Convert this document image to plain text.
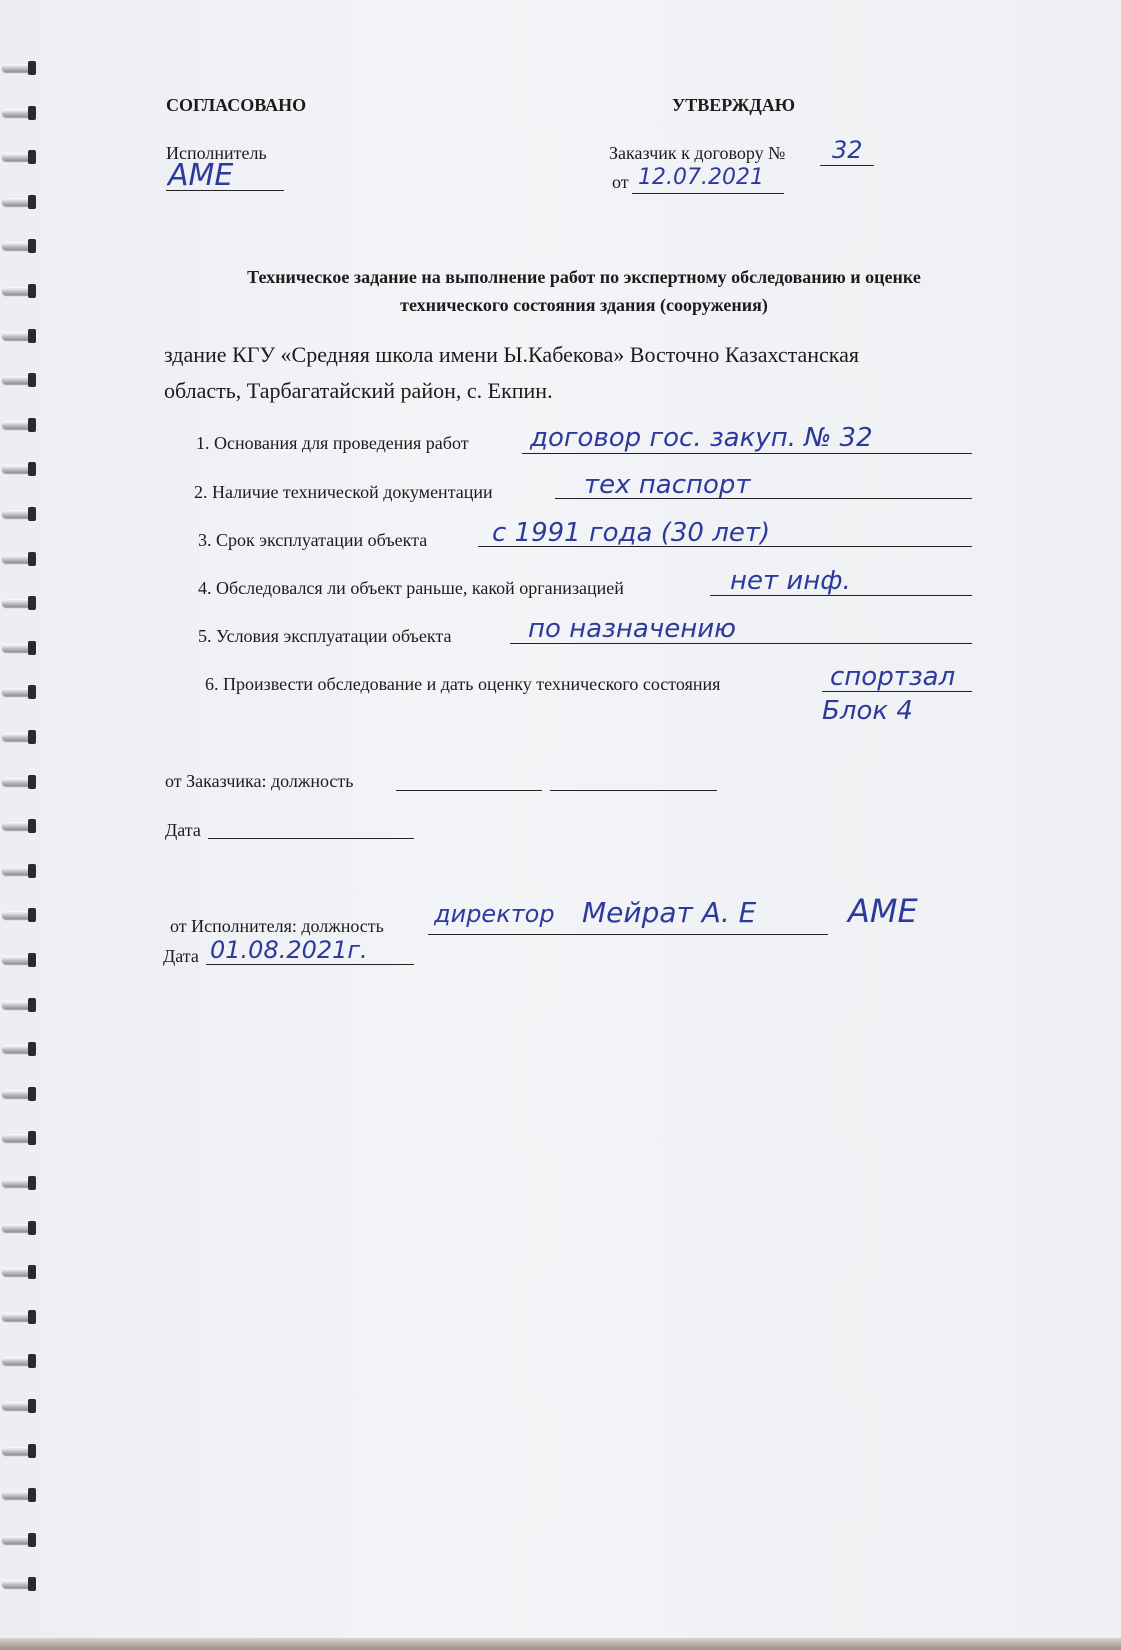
СОГЛАСОВАНО	УТВЕРЖДАЮ
Исполнитель
АМЕ
Заказчик к договору № 32
от 12.07.2021
Техническое задание на выполнение работ по экспертному обследованию и оценке
технического состояния здания (сооружения)
здание КГУ «Средняя школа имени Ы.Кабекова» Восточно Казахстанская
область, Тарбагатайский район, с. Екпин.
1. Основания для проведения работ договор гос. закуп. № 32
2. Наличие технической документации	тех паспорт
3. Срок эксплуатации объекта с 1991 года (30 лет)
4. Обследовался ли объект раньше, какой организацией	нет инф.
5. Условия эксплуатации объекта	по назначению
6. Произвести обследование и дать оценку технического состояния	спортзал
Блок 4
от Заказчика: должность
Дата
от Исполнителя: должность директор Мейрат А. Е	АМЕ
Дата 01.08.2021г.
